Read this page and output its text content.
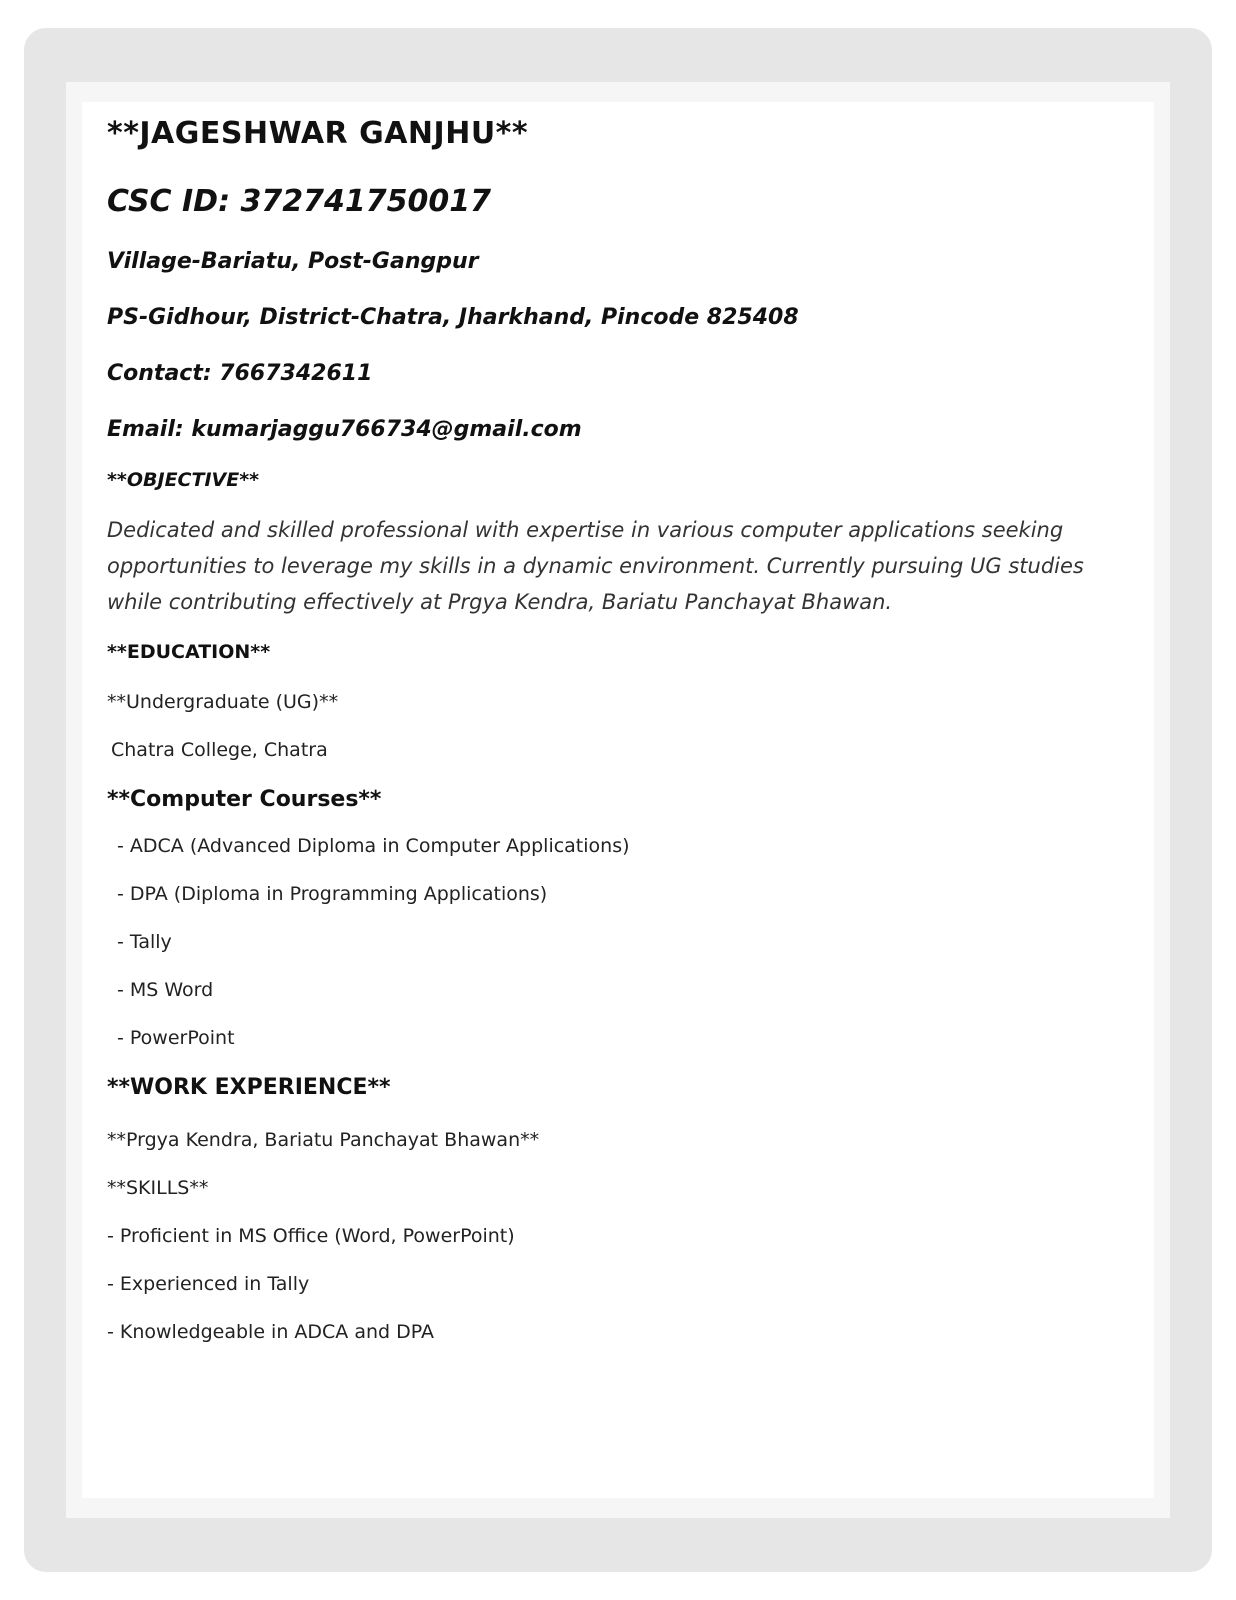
**JAGESHWAR GANJHU**
CSC ID: 372741750017

Village-Bariatu, Post-Gangpur

PS-Gidhour, District-Chatra, Jharkhand, Pincode 825408

Contact: 7667342611

Email: kumarjaggu766734@gmail.com

**OBJECTIVE**
Dedicated and skilled professional with expertise in various computer applications seeking
opportunities to leverage my skills in a dynamic environment. Currently pursuing UG studies
while contributing effectively at Prgya Kendra, Bariatu Panchayat Bhawan.
**EDUCATION**

**Undergraduate (UG)**

Chatra College, Chatra

**Computer Courses**
- ADCA (Advanced Diploma in Computer Applications)
- DPA (Diploma in Programming Applications)
- Tally
- MS Word
- PowerPoint
**WORK EXPERIENCE**

**Prgya Kendra, Bariatu Panchayat Bhawan**

**SKILLS**

- Proficient in MS Office (Word, PowerPoint)
- Experienced in Tally
- Knowledgeable in ADCA and DPA
